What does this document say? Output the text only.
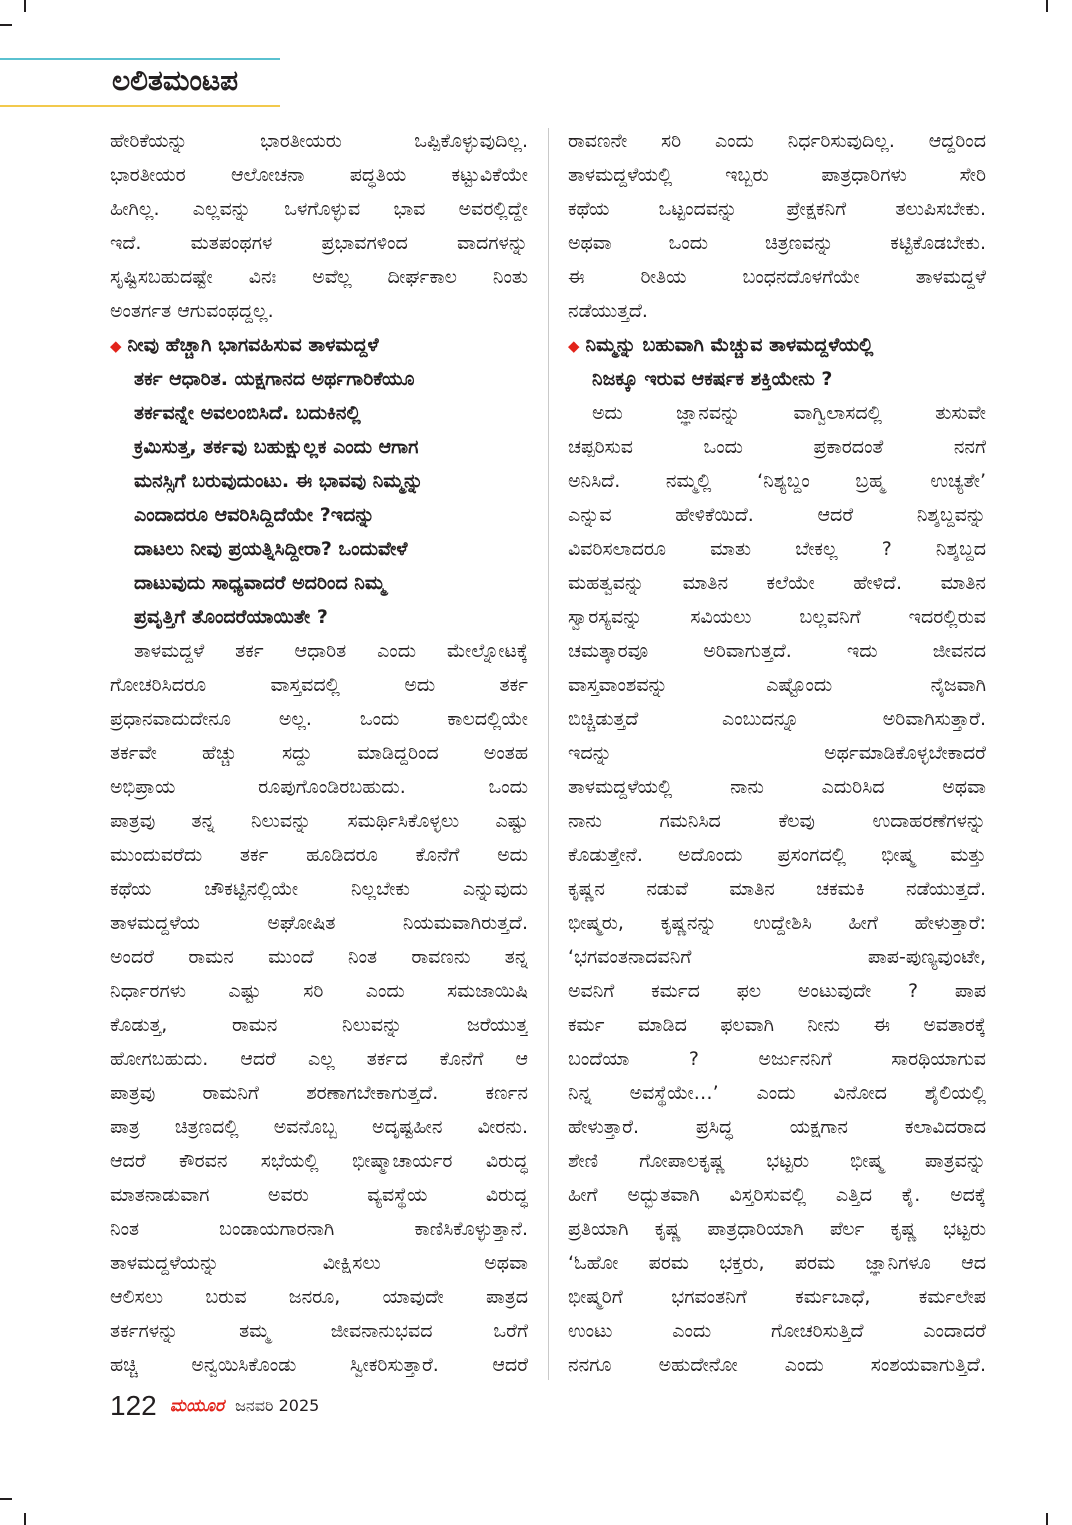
ಲಲಿತಮಂಟಪ
ಹೇರಿಕೆಯನ್ನು ಭಾರತೀಯರು ಒಪ್ಪಿಕೊಳ್ಳುವುದಿಲ್ಲ.
ಭಾರತೀಯರ ಆಲೋಚನಾ ಪದ್ಧತಿಯ ಕಟ್ಟುವಿಕೆಯೇ
ಹೀಗಿಲ್ಲ. ಎಲ್ಲವನ್ನು ಒಳಗೊಳ್ಳುವ ಭಾವ ಅವರಲ್ಲಿದ್ದೇ
ಇದೆ. ಮತಪಂಥಗಳ ಪ್ರಭಾವಗಳಿಂದ ವಾದಗಳನ್ನು
ಸೃಷ್ಟಿಸಬಹುದಷ್ಟೇ ವಿನಃ ಅವೆಲ್ಲ ದೀರ್ಘಕಾಲ ನಿಂತು
ಅಂತರ್ಗತ ಆಗುವಂಥದ್ದಲ್ಲ.
◆ ನೀವು ಹೆಚ್ಚಾಗಿ ಭಾಗವಹಿಸುವ ತಾಳಮದ್ದಳೆ
ತರ್ಕ ಆಧಾರಿತ. ಯಕ್ಷಗಾನದ ಅರ್ಥಗಾರಿಕೆಯೂ
ತರ್ಕವನ್ನೇ ಅವಲಂಬಿಸಿದೆ. ಬದುಕಿನಲ್ಲಿ
ಕ್ರಮಿಸುತ್ತ, ತರ್ಕವು ಬಹುಕ್ಷುಲ್ಲಕ ಎಂದು ಆಗಾಗ
ಮನಸ್ಸಿಗೆ ಬರುವುದುಂಟು. ಈ ಭಾವವು ನಿಮ್ಮನ್ನು
ಎಂದಾದರೂ ಆವರಿಸಿದ್ದಿದೆಯೇ ?ಇದನ್ನು
ದಾಟಲು ನೀವು ಪ್ರಯತ್ನಿಸಿದ್ದೀರಾ? ಒಂದುವೇಳೆ
ದಾಟುವುದು ಸಾಧ್ಯವಾದರೆ ಅದರಿಂದ ನಿಮ್ಮ
ಪ್ರವೃತ್ತಿಗೆ ತೊಂದರೆಯಾಯಿತೇ ?
ತಾಳಮದ್ದಳೆ ತರ್ಕ ಆಧಾರಿತ ಎಂದು ಮೇಲ್ನೋಟಕ್ಕೆ
ಗೋಚರಿಸಿದರೂ ವಾಸ್ತವದಲ್ಲಿ ಅದು ತರ್ಕ
ಪ್ರಧಾನವಾದುದೇನೂ ಅಲ್ಲ. ಒಂದು ಕಾಲದಲ್ಲಿಯೇ
ತರ್ಕವೇ ಹೆಚ್ಚು ಸದ್ದು ಮಾಡಿದ್ದರಿಂದ ಅಂತಹ
ಅಭಿಪ್ರಾಯ ರೂಪುಗೊಂಡಿರಬಹುದು. ಒಂದು
ಪಾತ್ರವು ತನ್ನ ನಿಲುವನ್ನು ಸಮರ್ಥಿಸಿಕೊಳ್ಳಲು ಎಷ್ಟು
ಮುಂದುವರೆದು ತರ್ಕ ಹೂಡಿದರೂ ಕೊನೆಗೆ ಅದು
ಕಥೆಯ ಚೌಕಟ್ಟಿನಲ್ಲಿಯೇ ನಿಲ್ಲಬೇಕು ಎನ್ನುವುದು
ತಾಳಮದ್ದಳೆಯ ಅಘೋಷಿತ ನಿಯಮವಾಗಿರುತ್ತದೆ.
ಅಂದರೆ ರಾಮನ ಮುಂದೆ ನಿಂತ ರಾವಣನು ತನ್ನ
ನಿರ್ಧಾರಗಳು ಎಷ್ಟು ಸರಿ ಎಂದು ಸಮಜಾಯಿಷಿ
ಕೊಡುತ್ತ, ರಾಮನ ನಿಲುವನ್ನು ಜರೆಯುತ್ತ
ಹೋಗಬಹುದು. ಆದರೆ ಎಲ್ಲ ತರ್ಕದ ಕೊನೆಗೆ ಆ
ಪಾತ್ರವು ರಾಮನಿಗೆ ಶರಣಾಗಬೇಕಾಗುತ್ತದೆ. ಕರ್ಣನ
ಪಾತ್ರ ಚಿತ್ರಣದಲ್ಲಿ ಅವನೊಬ್ಬ ಅದೃಷ್ಟಹೀನ ವೀರನು.
ಆದರೆ ಕೌರವನ ಸಭೆಯಲ್ಲಿ ಭೀಷ್ಮಾಚಾರ್ಯರ ವಿರುದ್ಧ
ಮಾತನಾಡುವಾಗ ಅವರು ವ್ಯವಸ್ಥೆಯ ವಿರುದ್ಧ
ನಿಂತ ಬಂಡಾಯಗಾರನಾಗಿ ಕಾಣಿಸಿಕೊಳ್ಳುತ್ತಾನೆ.
ತಾಳಮದ್ದಳೆಯನ್ನು ವೀಕ್ಷಿಸಲು ಅಥವಾ
ಆಲಿಸಲು ಬರುವ ಜನರೂ, ಯಾವುದೇ ಪಾತ್ರದ
ತರ್ಕಗಳನ್ನು ತಮ್ಮ ಜೀವನಾನುಭವದ ಒರೆಗೆ
ಹಚ್ಚಿ ಅನ್ವಯಿಸಿಕೊಂಡು ಸ್ವೀಕರಿಸುತ್ತಾರೆ. ಆದರೆ
ರಾವಣನೇ ಸರಿ ಎಂದು ನಿರ್ಧರಿಸುವುದಿಲ್ಲ. ಆದ್ದರಿಂದ
ತಾಳಮದ್ದಳೆಯಲ್ಲಿ ಇಬ್ಬರು ಪಾತ್ರಧಾರಿಗಳು ಸೇರಿ
ಕಥೆಯ ಒಟ್ಟಂದವನ್ನು ಪ್ರೇಕ್ಷಕನಿಗೆ ತಲುಪಿಸಬೇಕು.
ಅಥವಾ ಒಂದು ಚಿತ್ರಣವನ್ನು ಕಟ್ಟಿಕೊಡಬೇಕು.
ಈ ರೀತಿಯ ಬಂಧನದೊಳಗೆಯೇ ತಾಳಮದ್ದಳೆ
ನಡೆಯುತ್ತದೆ.
◆ ನಿಮ್ಮನ್ನು ಬಹುವಾಗಿ ಮೆಚ್ಚುವ ತಾಳಮದ್ದಳೆಯಲ್ಲಿ
ನಿಜಕ್ಕೂ ಇರುವ ಆಕರ್ಷಕ ಶಕ್ತಿಯೇನು ?
ಅದು ಜ್ಞಾನವನ್ನು ವಾಗ್ವಿಲಾಸದಲ್ಲಿ ತುಸುವೇ
ಚಪ್ಪರಿಸುವ ಒಂದು ಪ್ರಕಾರದಂತೆ ನನಗೆ
ಅನಿಸಿದೆ. ನಮ್ಮಲ್ಲಿ ‘ನಿಶ್ಯಬ್ದಂ ಬ್ರಹ್ಮ ಉಚ್ಯತೇ’
ಎನ್ನುವ ಹೇಳಿಕೆಯಿದೆ. ಆದರೆ ನಿಶ್ಶಬ್ದವನ್ನು
ವಿವರಿಸಲಾದರೂ ಮಾತು ಬೇಕಲ್ಲ ? ನಿಶ್ಶಬ್ದದ
ಮಹತ್ವವನ್ನು ಮಾತಿನ ಕಲೆಯೇ ಹೇಳಿದೆ. ಮಾತಿನ
ಸ್ವಾರಸ್ಯವನ್ನು ಸವಿಯಲು ಬಲ್ಲವನಿಗೆ ಇದರಲ್ಲಿರುವ
ಚಮತ್ಕಾರವೂ ಅರಿವಾಗುತ್ತದೆ. ಇದು ಜೀವನದ
ವಾಸ್ತವಾಂಶವನ್ನು ಎಷ್ಟೊಂದು ನೈಜವಾಗಿ
ಬಿಚ್ಚಿಡುತ್ತದೆ ಎಂಬುದನ್ನೂ ಅರಿವಾಗಿಸುತ್ತಾರೆ.
ಇದನ್ನು ಅರ್ಥಮಾಡಿಕೊಳ್ಳಬೇಕಾದರೆ
ತಾಳಮದ್ದಳೆಯಲ್ಲಿ ನಾನು ಎದುರಿಸಿದ ಅಥವಾ
ನಾನು ಗಮನಿಸಿದ ಕೆಲವು ಉದಾಹರಣೆಗಳನ್ನು
ಕೊಡುತ್ತೇನೆ. ಅದೊಂದು ಪ್ರಸಂಗದಲ್ಲಿ ಭೀಷ್ಮ ಮತ್ತು
ಕೃಷ್ಣನ ನಡುವೆ ಮಾತಿನ ಚಕಮಕಿ ನಡೆಯುತ್ತದೆ.
ಭೀಷ್ಮರು, ಕೃಷ್ಣನನ್ನು ಉದ್ದೇಶಿಸಿ ಹೀಗೆ ಹೇಳುತ್ತಾರೆ:
‘ಭಗವಂತನಾದವನಿಗೆ ಪಾಪ-ಪುಣ್ಯವುಂಟೇ,
ಅವನಿಗೆ ಕರ್ಮದ ಫಲ ಅಂಟುವುದೇ ? ಪಾಪ
ಕರ್ಮ ಮಾಡಿದ ಫಲವಾಗಿ ನೀನು ಈ ಅವತಾರಕ್ಕೆ
ಬಂದೆಯಾ ? ಅರ್ಜುನನಿಗೆ ಸಾರಥಿಯಾಗುವ
ನಿನ್ನ ಅವಸ್ಥೆಯೇ…’ ಎಂದು ವಿನೋದ ಶೈಲಿಯಲ್ಲಿ
ಹೇಳುತ್ತಾರೆ. ಪ್ರಸಿದ್ಧ ಯಕ್ಷಗಾನ ಕಲಾವಿದರಾದ
ಶೇಣಿ ಗೋಪಾಲಕೃಷ್ಣ ಭಟ್ಟರು ಭೀಷ್ಮ ಪಾತ್ರವನ್ನು
ಹೀಗೆ ಅದ್ಭುತವಾಗಿ ವಿಸ್ತರಿಸುವಲ್ಲಿ ಎತ್ತಿದ ಕೈ. ಅದಕ್ಕೆ
ಪ್ರತಿಯಾಗಿ ಕೃಷ್ಣ ಪಾತ್ರಧಾರಿಯಾಗಿ ಪೆರ್ಲ ಕೃಷ್ಣ ಭಟ್ಟರು
‘ಓಹೋ ಪರಮ ಭಕ್ತರು, ಪರಮ ಜ್ಞಾನಿಗಳೂ ಆದ
ಭೀಷ್ಮರಿಗೆ ಭಗವಂತನಿಗೆ ಕರ್ಮಬಾಧೆ, ಕರ್ಮಲೇಪ
ಉಂಟು ಎಂದು ಗೋಚರಿಸುತ್ತಿದೆ ಎಂದಾದರೆ
ನನಗೂ ಅಹುದೇನೋ ಎಂದು ಸಂಶಯವಾಗುತ್ತಿದೆ.
122 ಮಯೂರ ಜನವರಿ 2025
